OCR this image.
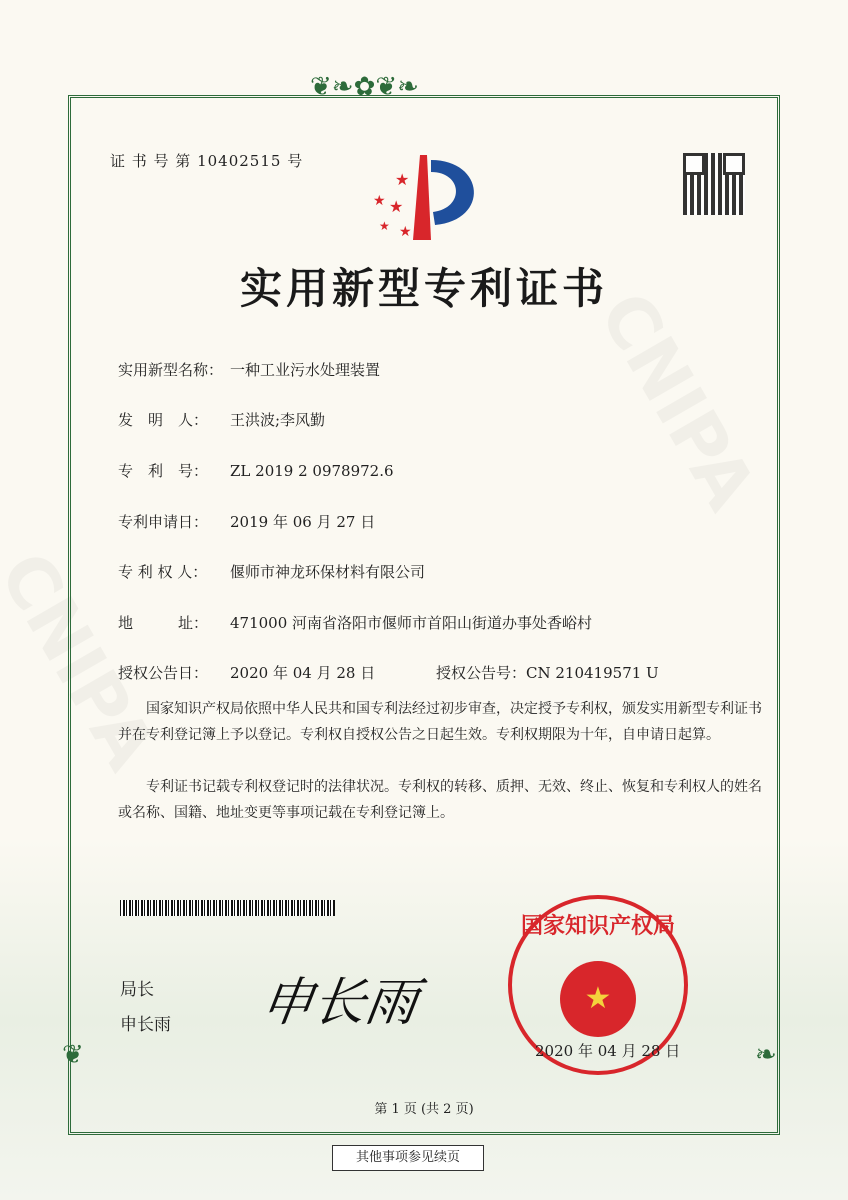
❦❧✿❦❧
❦	❧
证 书 号 第 10402515 号
★
★ ★
★ ★
实用新型专利证书
实用新型名称： 一种工业污水处理装置
发　明　人： 王洪波;李风勤
专　利　号： ZL 2019 2 0978972.6
专利申请日： 2019 年 06 月 27 日
专 利 权 人： 偃师市神龙环保材料有限公司
地　　　址： 471000 河南省洛阳市偃师市首阳山街道办事处香峪村
授权公告日： 2020 年 04 月 28 日	授权公告号：CN 210419571 U
国家知识产权局依照中华人民共和国专利法经过初步审查，决定授予专利权，颁发实用新型专利证书并在专利登记簿上予以登记。专利权自授权公告之日起生效。专利权期限为十年，自申请日起算。
专利证书记载专利权登记时的法律状况。专利权的转移、质押、无效、终止、恢复和专利权人的姓名或名称、国籍、地址变更等事项记载在专利登记簿上。
局长
申长雨 申长雨
国家知识产权局
★
2020 年 04 月 28 日
第 1 页 (共 2 页)
其他事项参见续页
